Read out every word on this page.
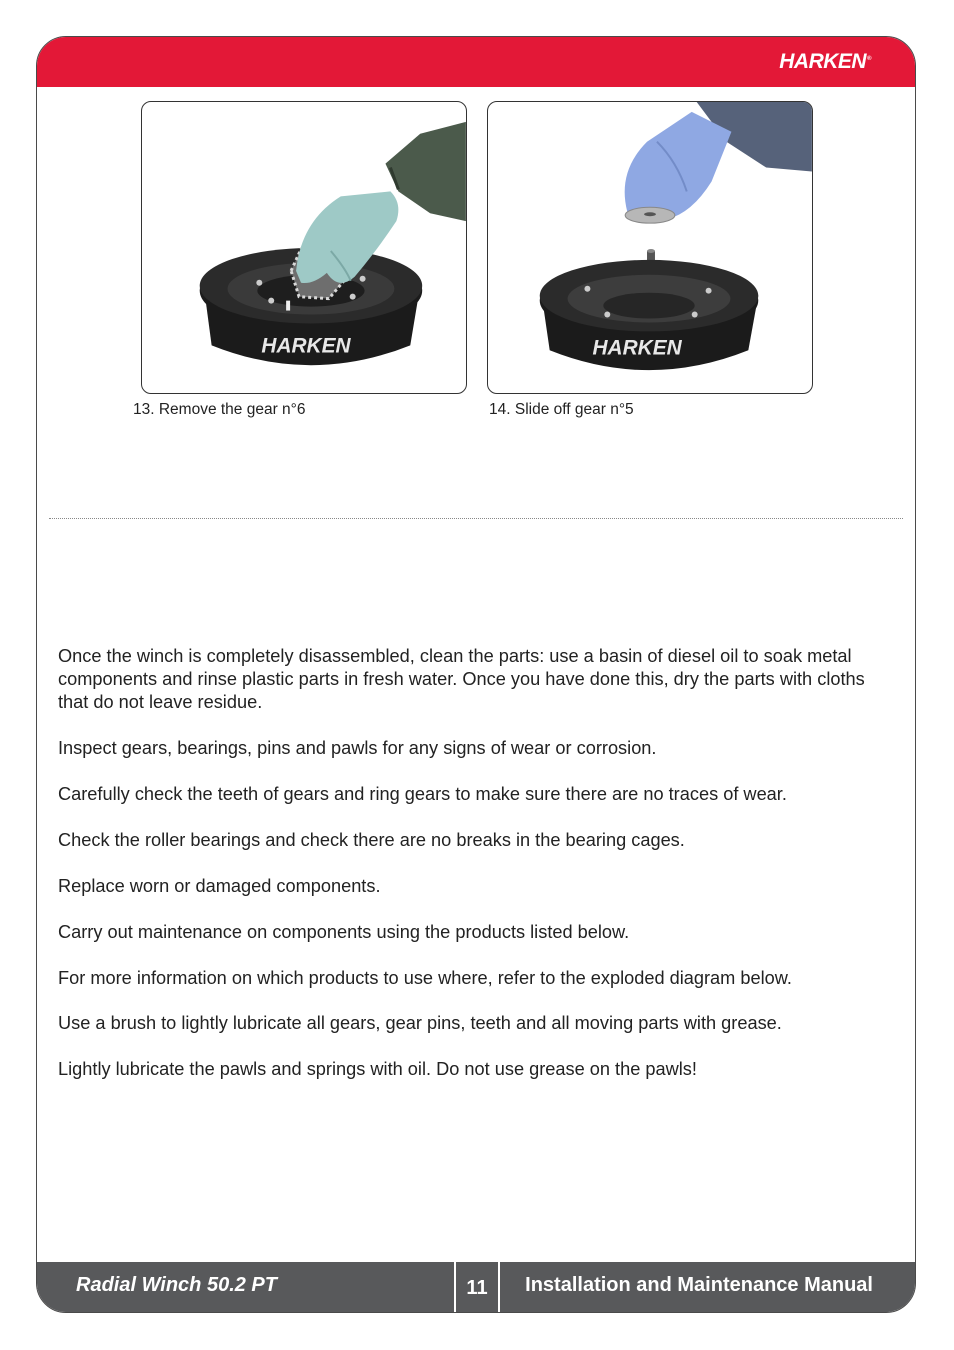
HARKEN®
HARKEN
13. Remove the gear n°6
HARKEN
14. Slide off gear n°5

Once the winch is completely disassembled, clean the parts: use a basin of diesel oil to soak metal components and rinse plastic parts in fresh water. Once you have done this, dry the parts with cloths that do not leave residue.

Inspect gears, bearings, pins and pawls for any signs of wear or corrosion.

Carefully check the teeth of gears and ring gears to make sure there are no traces of wear.

Check the roller bearings and check there are no breaks in the bearing cages.

Replace worn or damaged components.

Carry out maintenance on components using the products listed below.

For more information on which products to use where, refer to the exploded diagram below.

Use a brush to lightly lubricate all gears, gear pins, teeth and all moving parts with grease.

Lightly lubricate the pawls and springs with oil. Do not use grease on the pawls!

Radial Winch 50.2 PT	11	Installation and Maintenance Manual
